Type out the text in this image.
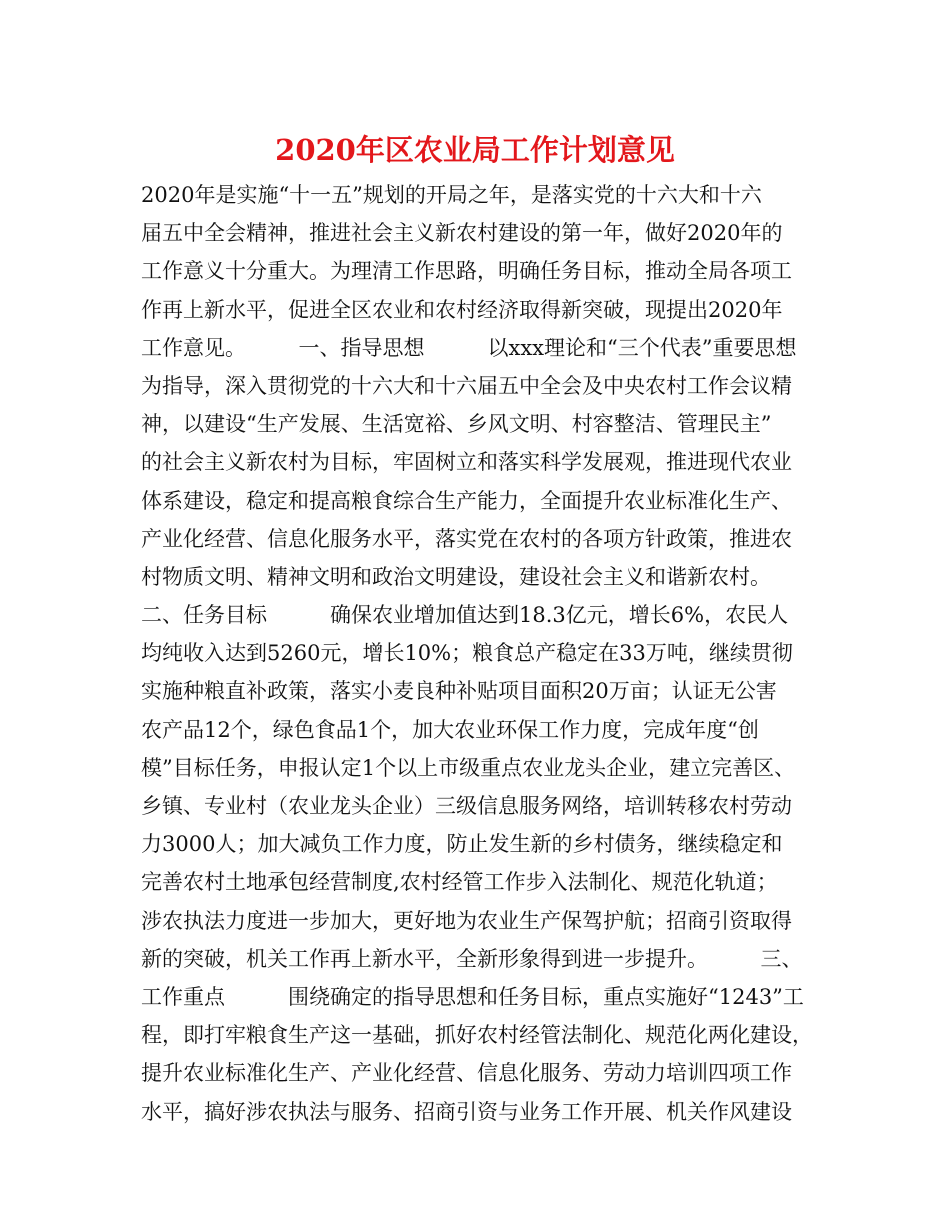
2020年区农业局工作计划意见
2020年是实施“十一五”规划的开局之年，是落实党的十六大和十六
届五中全会精神，推进社会主义新农村建设的第一年，做好2020年的
工作意义十分重大。为理清工作思路，明确任务目标，推动全局各项工
作再上新水平，促进全区农业和农村经济取得新突破，现提出2020年
工作意见。　　　一、指导思想　　　以xxx理论和“三个代表”重要思想
为指导，深入贯彻党的十六大和十六届五中全会及中央农村工作会议精
神，以建设“生产发展、生活宽裕、乡风文明、村容整洁、管理民主”
的社会主义新农村为目标，牢固树立和落实科学发展观，推进现代农业
体系建设，稳定和提高粮食综合生产能力，全面提升农业标准化生产、
产业化经营、信息化服务水平，落实党在农村的各项方针政策，推进农
村物质文明、精神文明和政治文明建设，建设社会主义和谐新农村。
二、任务目标　　　确保农业增加值达到18.3亿元，增长6%，农民人
均纯收入达到5260元，增长10%；粮食总产稳定在33万吨，继续贯彻
实施种粮直补政策，落实小麦良种补贴项目面积20万亩；认证无公害
农产品12个，绿色食品1个，加大农业环保工作力度，完成年度“创
模”目标任务，申报认定1个以上市级重点农业龙头企业，建立完善区、
乡镇、专业村（农业龙头企业）三级信息服务网络，培训转移农村劳动
力3000人；加大减负工作力度，防止发生新的乡村债务，继续稳定和
完善农村土地承包经营制度,农村经管工作步入法制化、规范化轨道；
涉农执法力度进一步加大，更好地为农业生产保驾护航；招商引资取得
新的突破，机关工作再上新水平，全新形象得到进一步提升。　　　三、
工作重点　　　围绕确定的指导思想和任务目标，重点实施好“1243”工
程，即打牢粮食生产这一基础，抓好农村经管法制化、规范化两化建设，
提升农业标准化生产、产业化经营、信息化服务、劳动力培训四项工作
水平，搞好涉农执法与服务、招商引资与业务工作开展、机关作风建设
